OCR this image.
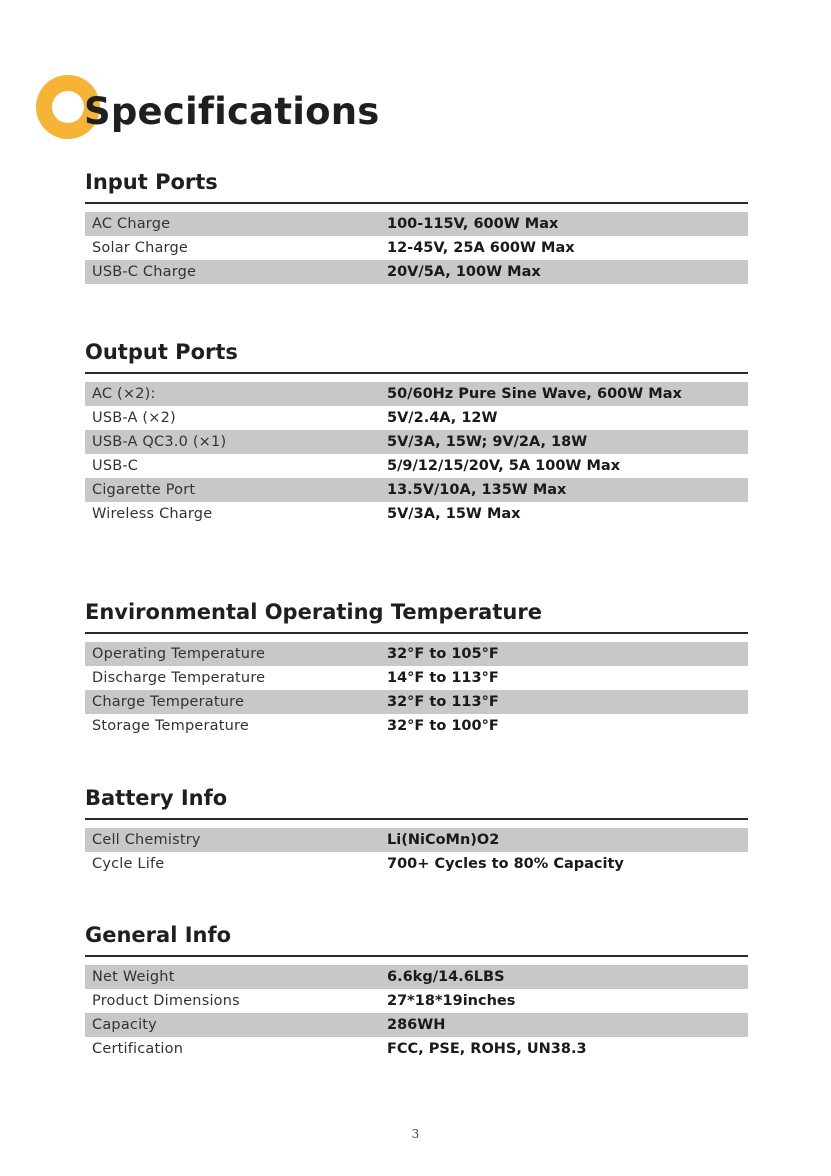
Specifications
Input Ports
AC Charge	100-115V, 600W Max
Solar Charge	12-45V, 25A 600W Max
USB-C Charge	20V/5A, 100W Max
Output Ports
AC (×2):	50/60Hz Pure Sine Wave, 600W Max
USB-A (×2)	5V/2.4A, 12W
USB-A QC3.0 (×1)	5V/3A, 15W; 9V/2A, 18W
USB-C	5/9/12/15/20V, 5A 100W Max
Cigarette Port	13.5V/10A, 135W Max
Wireless Charge	5V/3A, 15W Max
Environmental Operating Temperature
Operating Temperature	32°F to 105°F
Discharge Temperature	14°F to 113°F
Charge Temperature	32°F to 113°F
Storage Temperature	32°F to 100°F
Battery Info
Cell Chemistry	Li(NiCoMn)O2
Cycle Life	700+ Cycles to 80% Capacity
General Info
Net Weight	6.6kg/14.6LBS
Product Dimensions	27*18*19inches
Capacity	286WH
Certification	FCC, PSE, ROHS, UN38.3
3
